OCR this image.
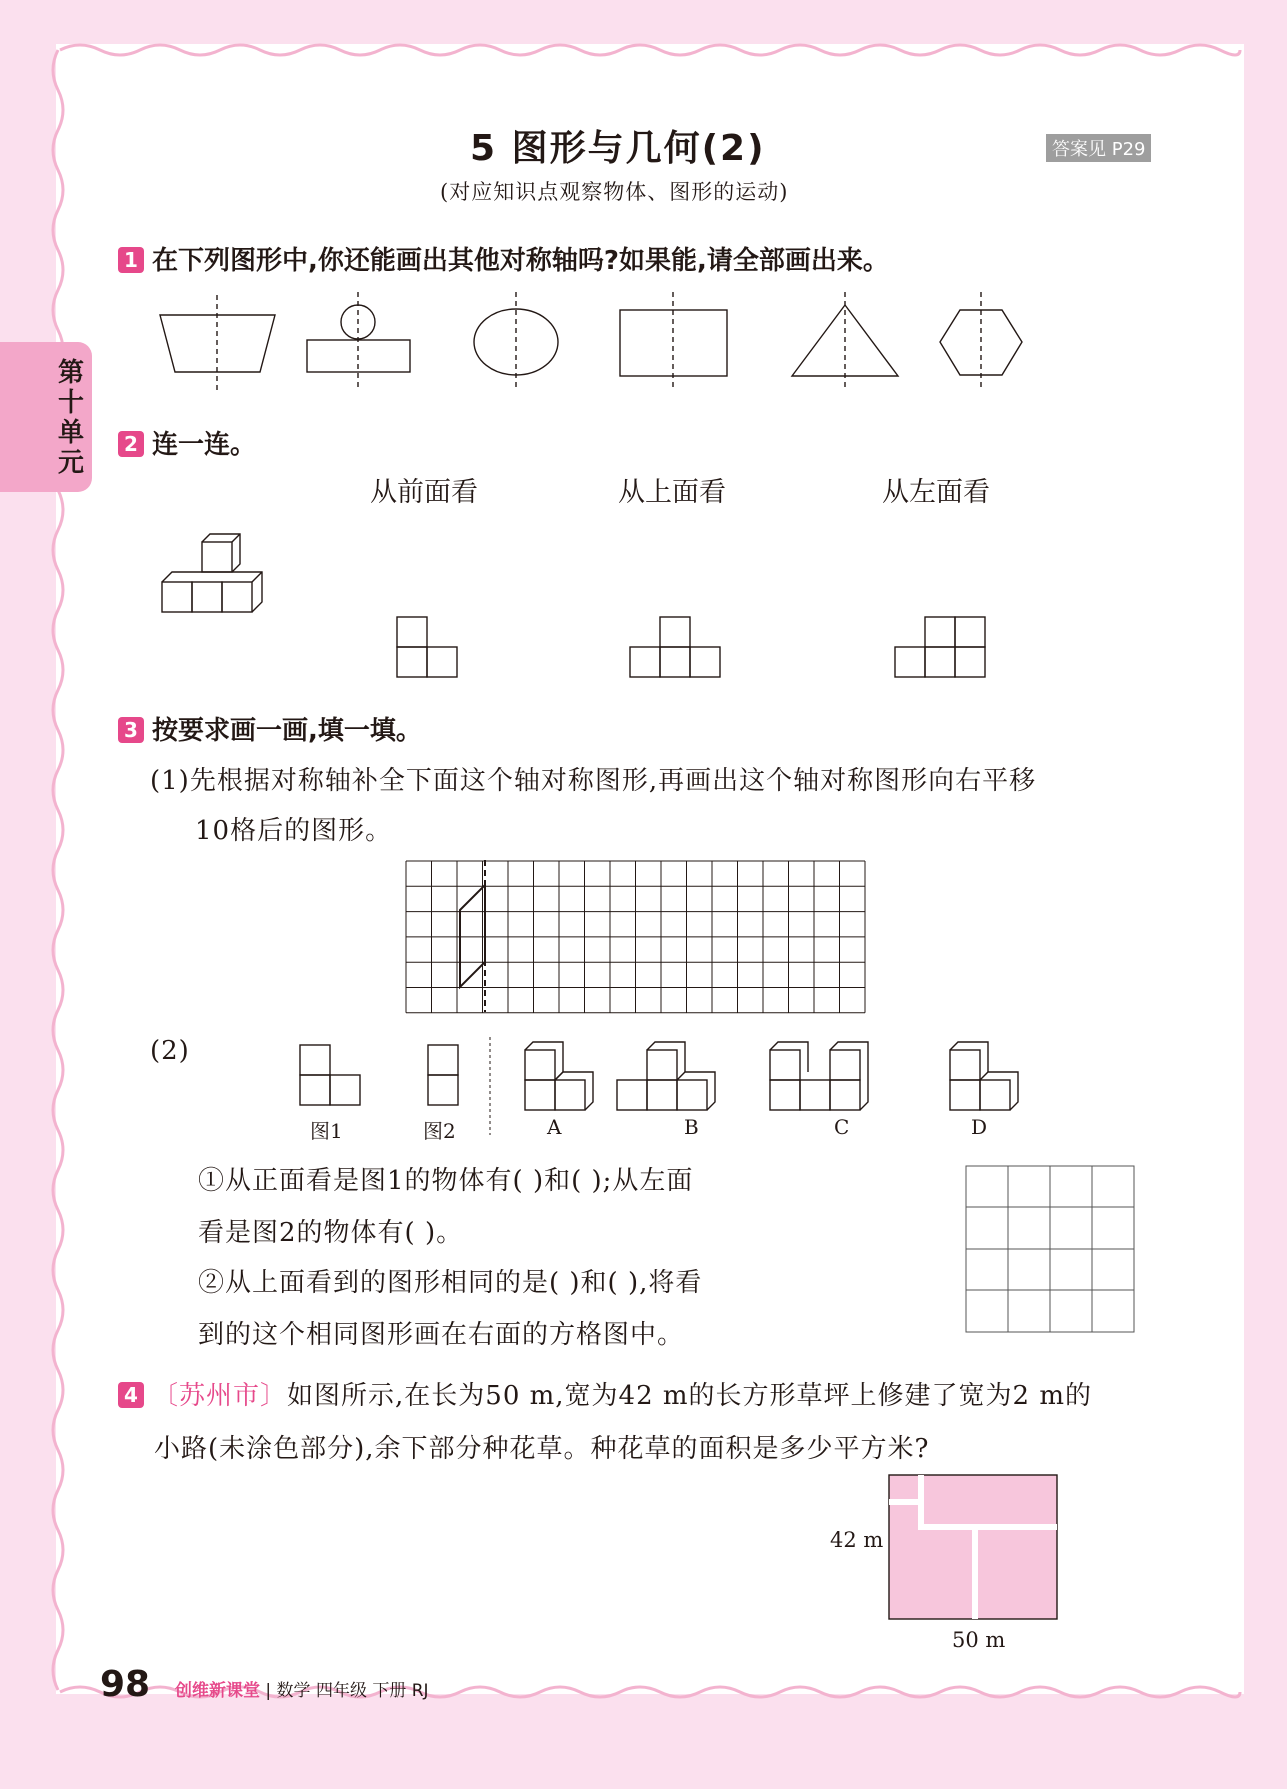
第十单元
5 图形与几何(2)
(对应知识点观察物体、图形的运动)
答案见 P29
1 在下列图形中,你还能画出其他对称轴吗?如果能,请全部画出来。
2 连一连。
从前面看	从上面看	从左面看
3 按要求画一画,填一填。
(1)先根据对称轴补全下面这个轴对称图形,再画出这个轴对称图形向右平移
10格后的图形。
(2)
图1	图2	A	B	C	D
①从正面看是图1的物体有( )和( );从左面
看是图2的物体有( )。
②从上面看到的图形相同的是( )和( ),将看
到的这个相同图形画在右面的方格图中。
4 〔苏州市〕如图所示,在长为50 m,宽为42 m的长方形草坪上修建了宽为2 m的
小路(未涂色部分),余下部分种花草。种花草的面积是多少平方米?
42 m
50 m
98 创维新课堂 | 数学 四年级 下册 RJ
